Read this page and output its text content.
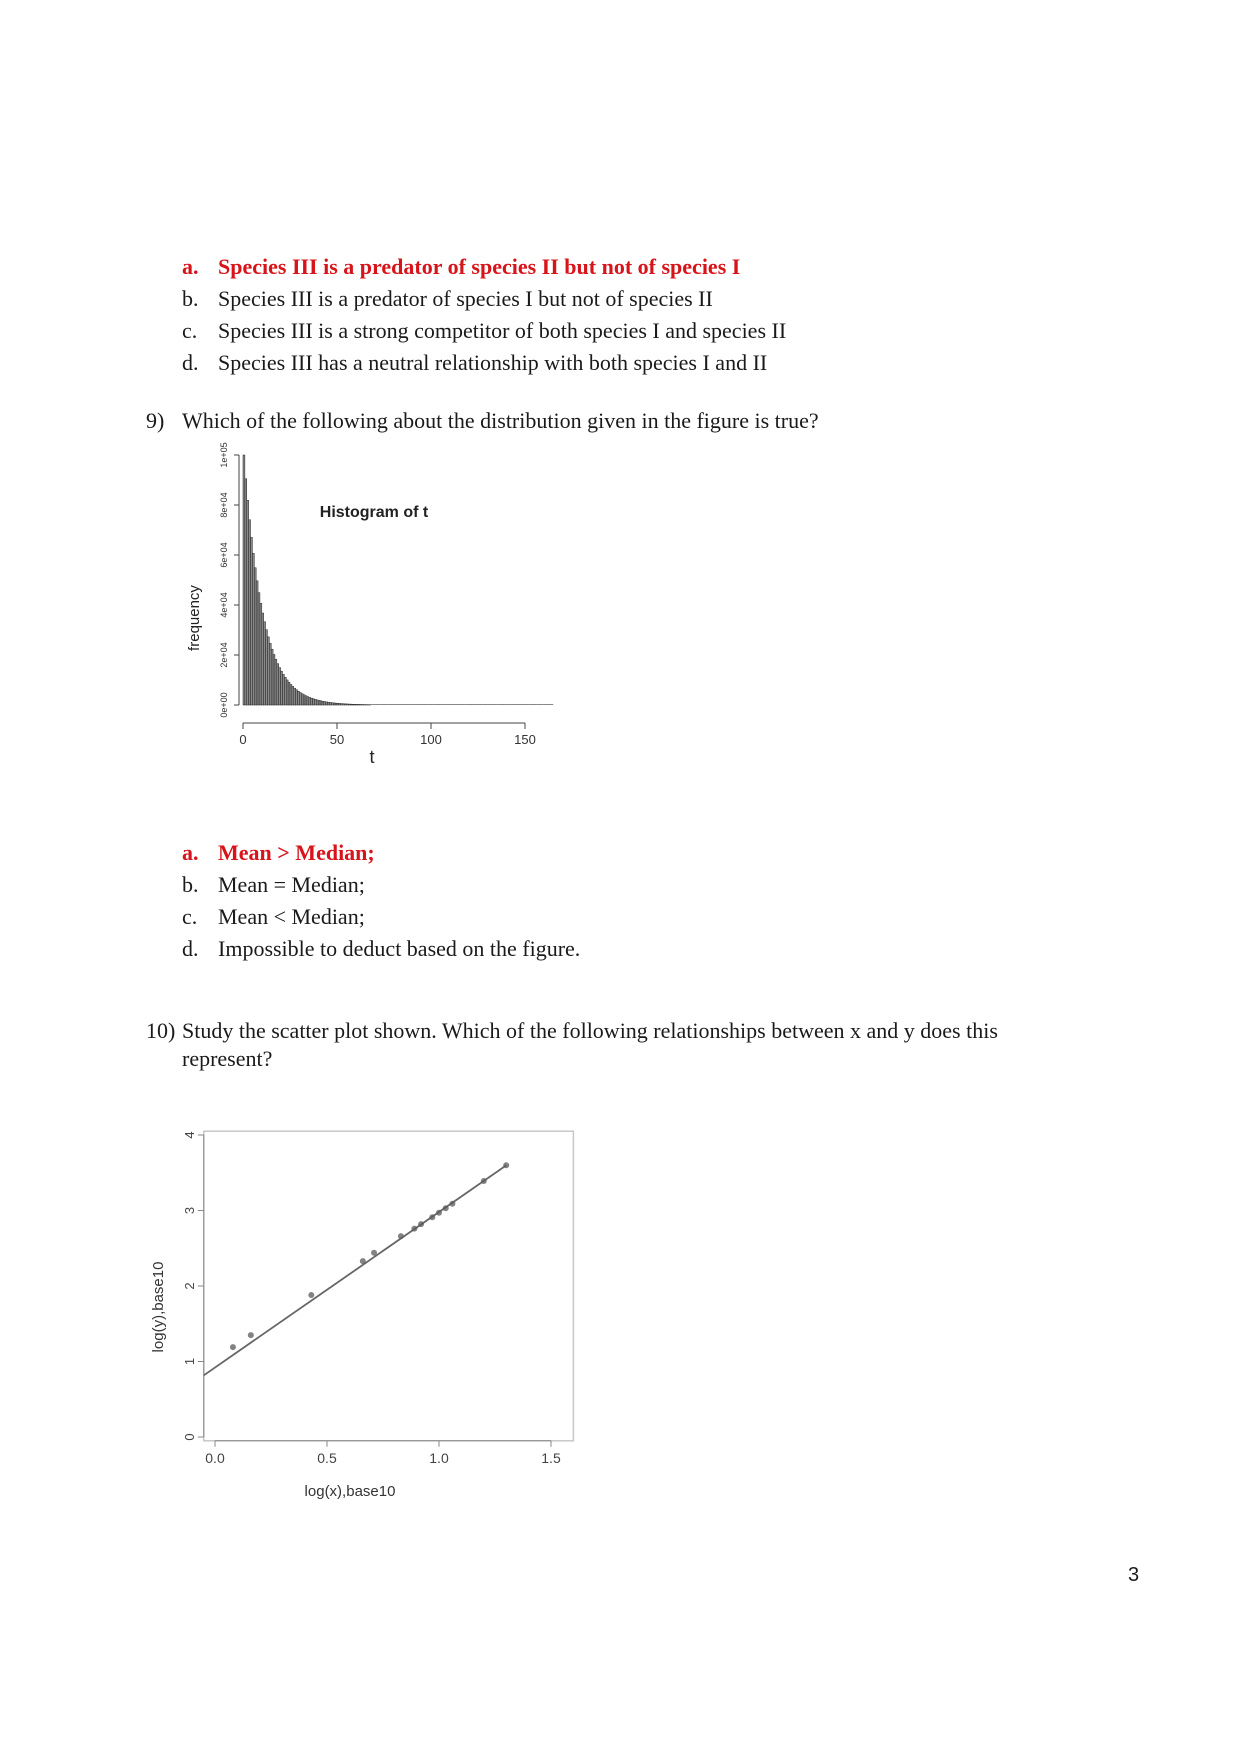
a. Species III is a predator of species II but not of species I
b. Species III is a predator of species I but not of species II
c. Species III is a strong competitor of both species I and species II
d. Species III has a neutral relationship with both species I and II
9) Which of the following about the distribution given in the figure is true?
0e+00
2e+04
4e+04
6e+04
8e+04
1e+05
0	50	100	150
Histogram of t
t
frequency
a. Mean > Median;
b. Mean = Median;
c. Mean < Median;
d. Impossible to deduct based on the figure.
10) Study the scatter plot shown. Which of the following relationships between x and y does this
represent?
0
1
2
3
4
0.0	0.5	1.0	1.5
log(x),base10
log(y),base10
3
